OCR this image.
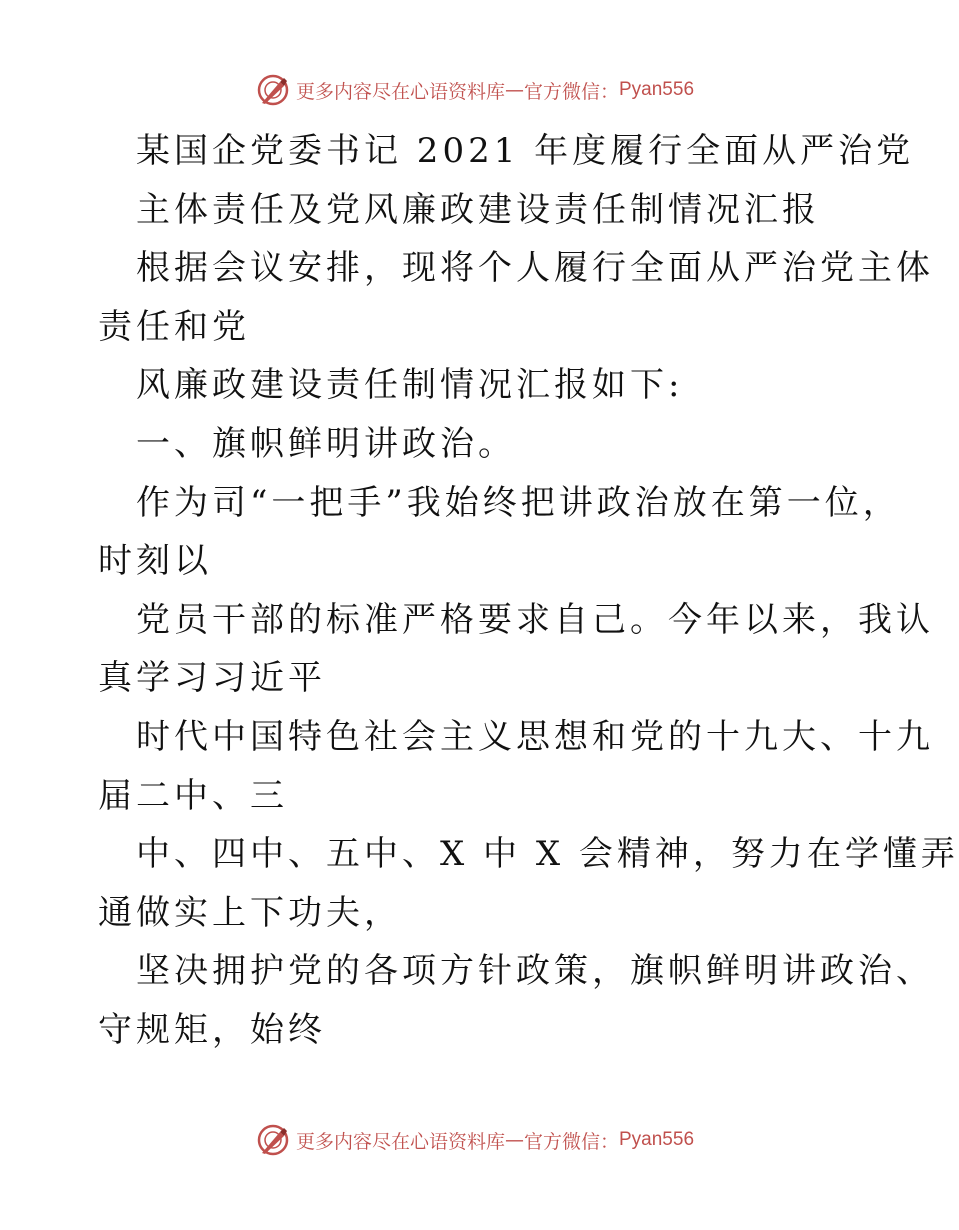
更多内容尽在心语资料库 — 官方微信： Pyan556
某国企党委书记 2021 年度履行全面从严治党
主体责任及党风廉政建设责任制情况汇报
根据会议安排，现将个人履行全面从严治党主体
责任和党
风廉政建设责任制情况汇报如下:
一、旗帜鲜明讲政治。
作为司“一把手”我始终把讲政治放在第一位，
时刻以
党员干部的标准严格要求自己。今年以来，我认
真学习习近平
时代中国特色社会主义思想和党的十九大、十九
届二中、三
中、四中、五中、X 中 X 会精神，努力在学懂弄
通做实上下功夫，
坚决拥护党的各项方针政策，旗帜鲜明讲政治、
守规矩，始终
更多内容尽在心语资料库 — 官方微信： Pyan556
